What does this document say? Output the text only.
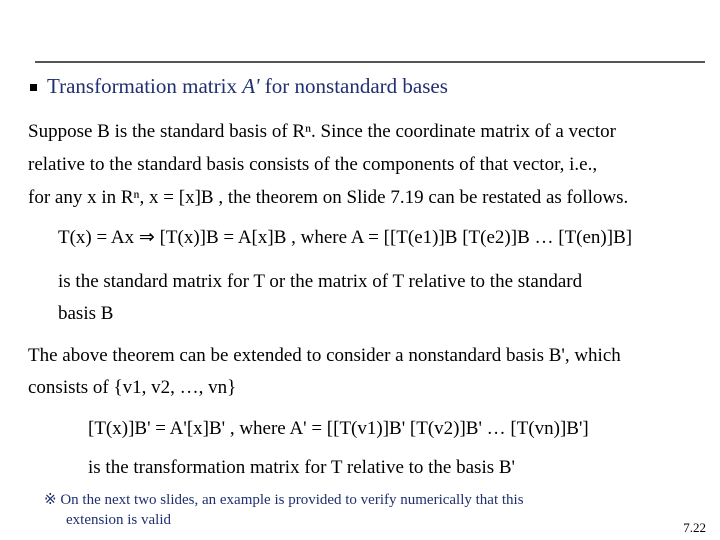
Transformation matrix A' for nonstandard bases
Suppose B is the standard basis of Rⁿ. Since the coordinate matrix of a vector
relative to the standard basis consists of the components of that vector, i.e.,
for any x in Rⁿ, x = [x]B , the theorem on Slide 7.19 can be restated as follows.
T(x) = Ax ⇒ [T(x)]B = A[x]B , where A = [[T(e1)]B [T(e2)]B … [T(en)]B]
is the standard matrix for T or the matrix of T relative to the standard
basis B
The above theorem can be extended to consider a nonstandard basis B', which
consists of {v1, v2, …, vn}
[T(x)]B' = A'[x]B' , where A' = [[T(v1)]B' [T(v2)]B' … [T(vn)]B']
is the transformation matrix for T relative to the basis B'
※ On the next two slides, an example is provided to verify numerically that this
extension is valid	7.22
